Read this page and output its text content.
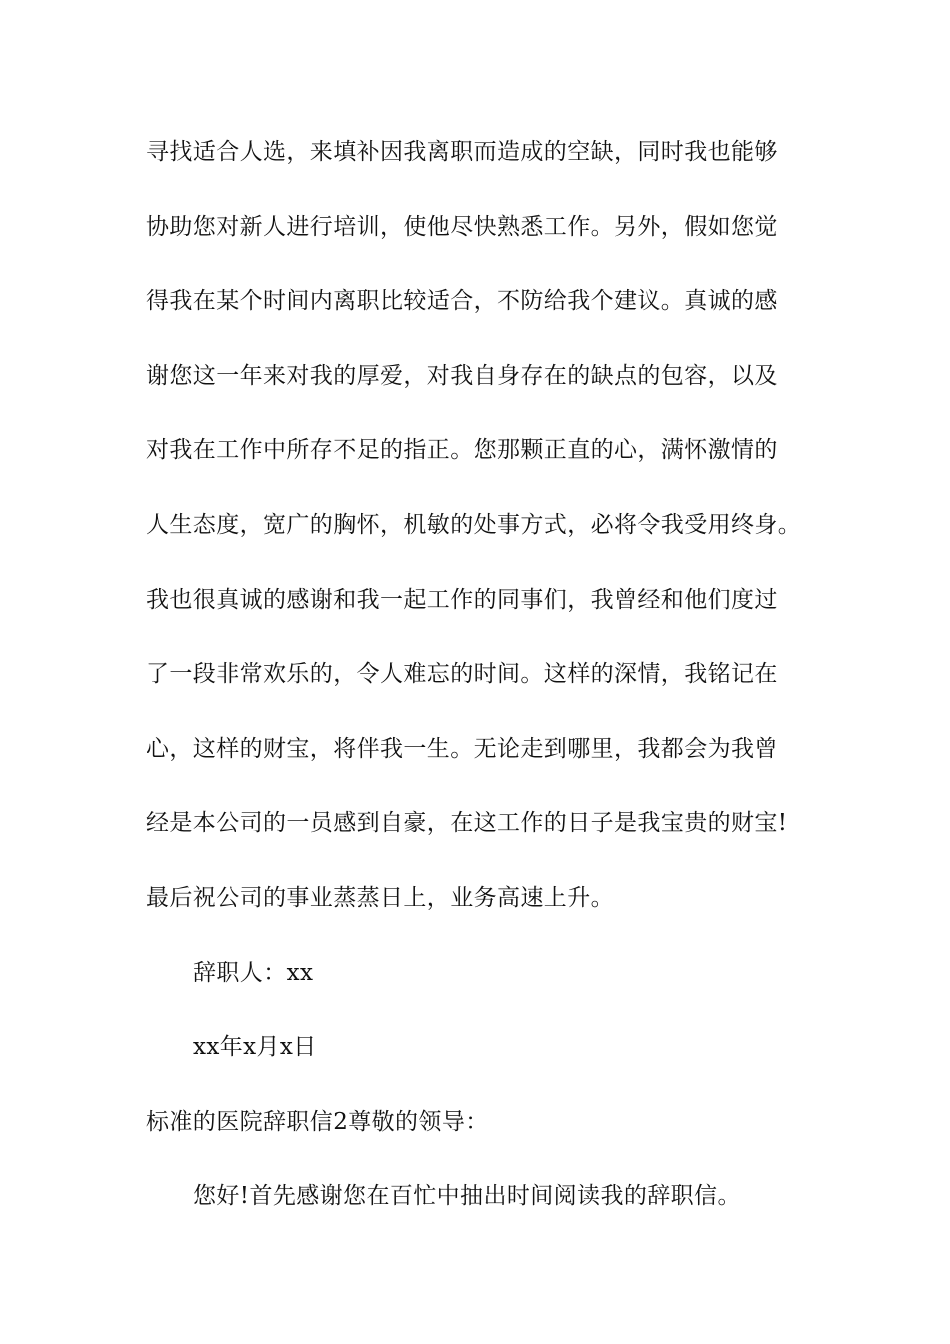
寻找适合人选，来填补因我离职而造成的空缺，同时我也能够
协助您对新人进行培训，使他尽快熟悉工作。另外，假如您觉
得我在某个时间内离职比较适合，不防给我个建议。真诚的感
谢您这一年来对我的厚爱，对我自身存在的缺点的包容，以及
对我在工作中所存不足的指正。您那颗正直的心，满怀激情的
人生态度，宽广的胸怀，机敏的处事方式，必将令我受用终身。
我也很真诚的感谢和我一起工作的同事们，我曾经和他们度过
了一段非常欢乐的，令人难忘的时间。这样的深情，我铭记在
心，这样的财宝，将伴我一生。无论走到哪里，我都会为我曾
经是本公司的一员感到自豪，在这工作的日子是我宝贵的财宝!
最后祝公司的事业蒸蒸日上，业务高速上升。
辞职人：xx
xx年x月x日
标准的医院辞职信2尊敬的领导：
您好!首先感谢您在百忙中抽出时间阅读我的辞职信。
